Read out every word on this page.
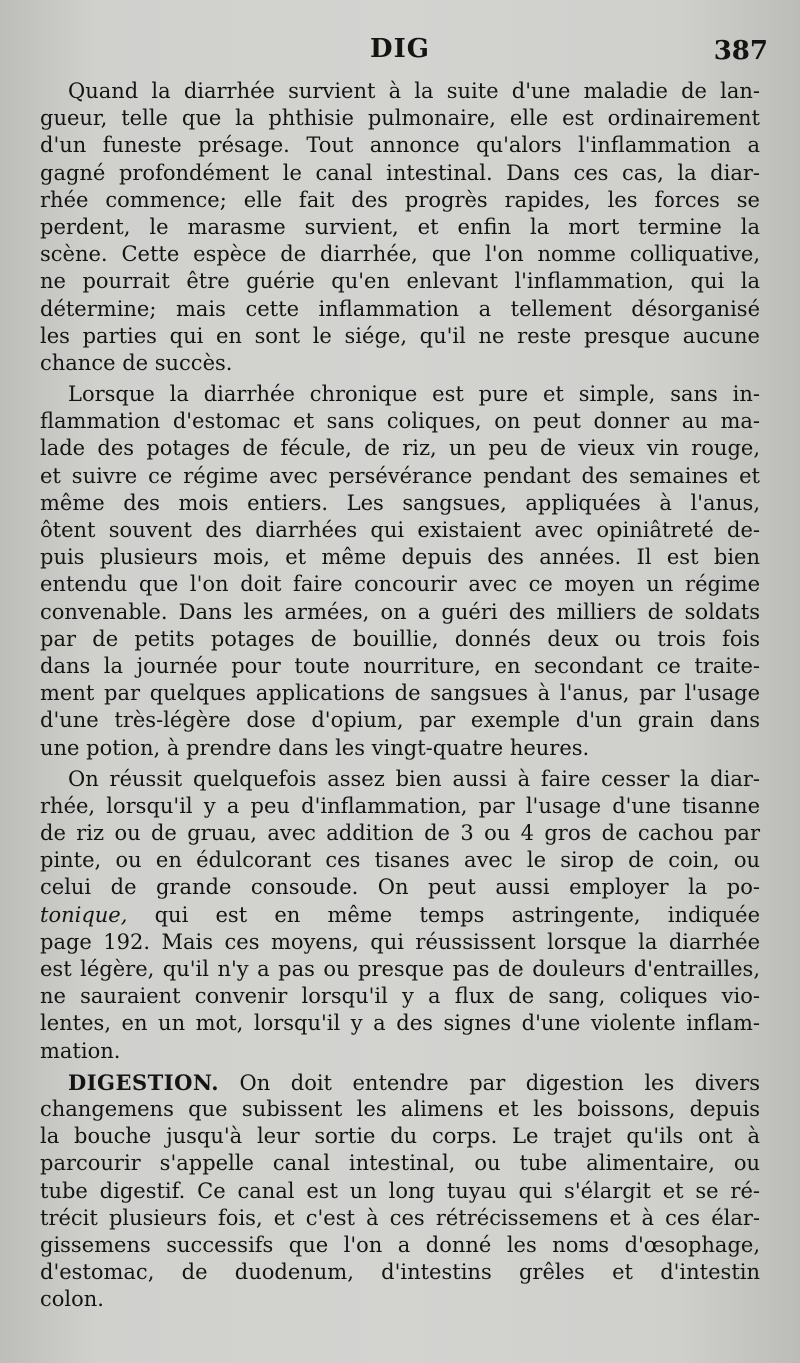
DIG	387
Quand la diarrhée survient à la suite d'une maladie de lan-
gueur, telle que la phthisie pulmonaire, elle est ordinairement
d'un funeste présage. Tout annonce qu'alors l'inflammation a
gagné profondément le canal intestinal. Dans ces cas, la diar-
rhée commence; elle fait des progrès rapides, les forces se
perdent, le marasme survient, et enfin la mort termine la
scène. Cette espèce de diarrhée, que l'on nomme colliquative,
ne pourrait être guérie qu'en enlevant l'inflammation, qui la
détermine; mais cette inflammation a tellement désorganisé
les parties qui en sont le siége, qu'il ne reste presque aucune
chance de succès.
Lorsque la diarrhée chronique est pure et simple, sans in-
flammation d'estomac et sans coliques, on peut donner au ma-
lade des potages de fécule, de riz, un peu de vieux vin rouge,
et suivre ce régime avec persévérance pendant des semaines et
même des mois entiers. Les sangsues, appliquées à l'anus,
ôtent souvent des diarrhées qui existaient avec opiniâtreté de-
puis plusieurs mois, et même depuis des années. Il est bien
entendu que l'on doit faire concourir avec ce moyen un régime
convenable. Dans les armées, on a guéri des milliers de soldats
par de petits potages de bouillie, donnés deux ou trois fois
dans la journée pour toute nourriture, en secondant ce traite-
ment par quelques applications de sangsues à l'anus, par l'usage
d'une très-légère dose d'opium, par exemple d'un grain dans
une potion, à prendre dans les vingt-quatre heures.
On réussit quelquefois assez bien aussi à faire cesser la diar-
rhée, lorsqu'il y a peu d'inflammation, par l'usage d'une tisanne
de riz ou de gruau, avec addition de 3 ou 4 gros de cachou par
pinte, ou en édulcorant ces tisanes avec le sirop de coin, ou
celui de grande consoude. On peut aussi employer la po-
tonique, qui est en même temps astringente, indiquée
page 192. Mais ces moyens, qui réussissent lorsque la diarrhée
est légère, qu'il n'y a pas ou presque pas de douleurs d'entrailles,
ne sauraient convenir lorsqu'il y a flux de sang, coliques vio-
lentes, en un mot, lorsqu'il y a des signes d'une violente inflam-
mation.
DIGESTION. On doit entendre par digestion les divers
changemens que subissent les alimens et les boissons, depuis
la bouche jusqu'à leur sortie du corps. Le trajet qu'ils ont à
parcourir s'appelle canal intestinal, ou tube alimentaire, ou
tube digestif. Ce canal est un long tuyau qui s'élargit et se ré-
trécit plusieurs fois, et c'est à ces rétrécissemens et à ces élar-
gissemens successifs que l'on a donné les noms d'œsophage,
d'estomac, de duodenum, d'intestins grêles et d'intestin
colon.
